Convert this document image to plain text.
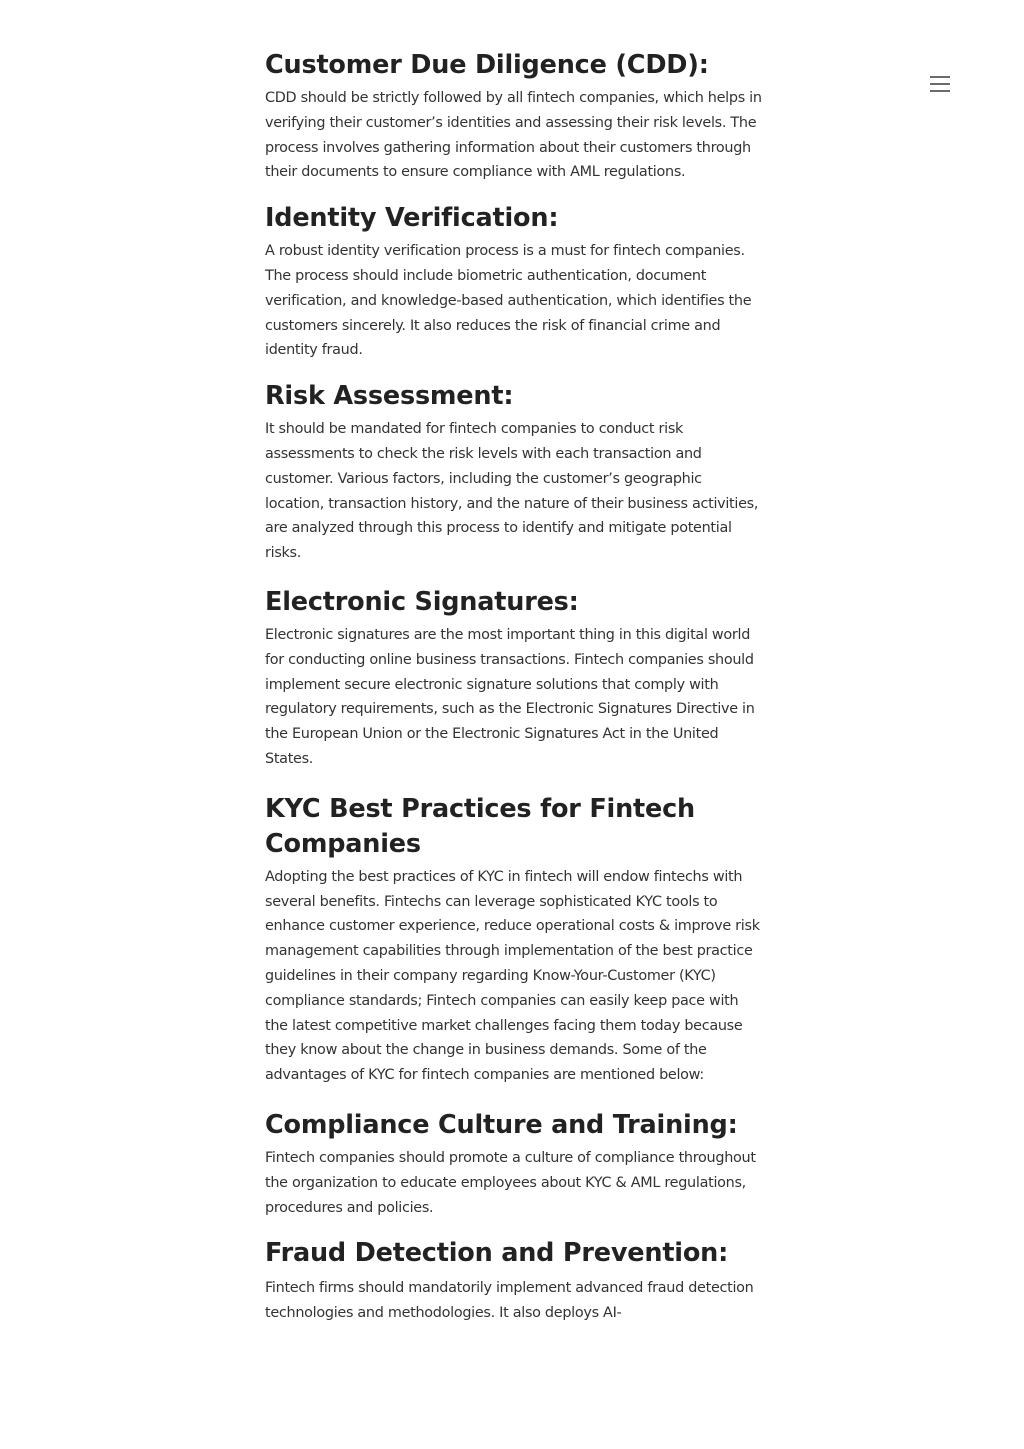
Customer Due Diligence (CDD):

CDD should be strictly followed by all fintech companies, which helps in verifying their customer’s identities and assessing their risk levels. The process involves gathering information about their customers through their documents to ensure compliance with AML regulations.

Identity Verification:

A robust identity verification process is a must for fintech companies. The process should include biometric authentication, document verification, and knowledge-based authentication, which identifies the customers sincerely. It also reduces the risk of financial crime and identity fraud.

Risk Assessment:

It should be mandated for fintech companies to conduct risk assessments to check the risk levels with each transaction and customer. Various factors, including the customer’s geographic location, transaction history, and the nature of their business activities, are analyzed through this process to identify and mitigate potential risks.

Electronic Signatures:

Electronic signatures are the most important thing in this digital world for conducting online business transactions. Fintech companies should implement secure electronic signature solutions that comply with regulatory requirements, such as the Electronic Signatures Directive in the European Union or the Electronic Signatures Act in the United States.

KYC Best Practices for Fintech Companies

Adopting the best practices of KYC in fintech will endow fintechs with several benefits. Fintechs can leverage sophisticated KYC tools to enhance customer experience, reduce operational costs & improve risk management capabilities through implementation of the best practice guidelines in their company regarding Know-Your-Customer (KYC) compliance standards; Fintech companies can easily keep pace with the latest competitive market challenges facing them today because they know about the change in business demands. Some of the advantages of KYC for fintech companies are mentioned below:

Compliance Culture and Training:

Fintech companies should promote a culture of compliance throughout the organization to educate employees about KYC & AML regulations, procedures and policies.

Fraud Detection and Prevention:

Fintech firms should mandatorily implement advanced fraud detection technologies and methodologies. It also deploys AI-
